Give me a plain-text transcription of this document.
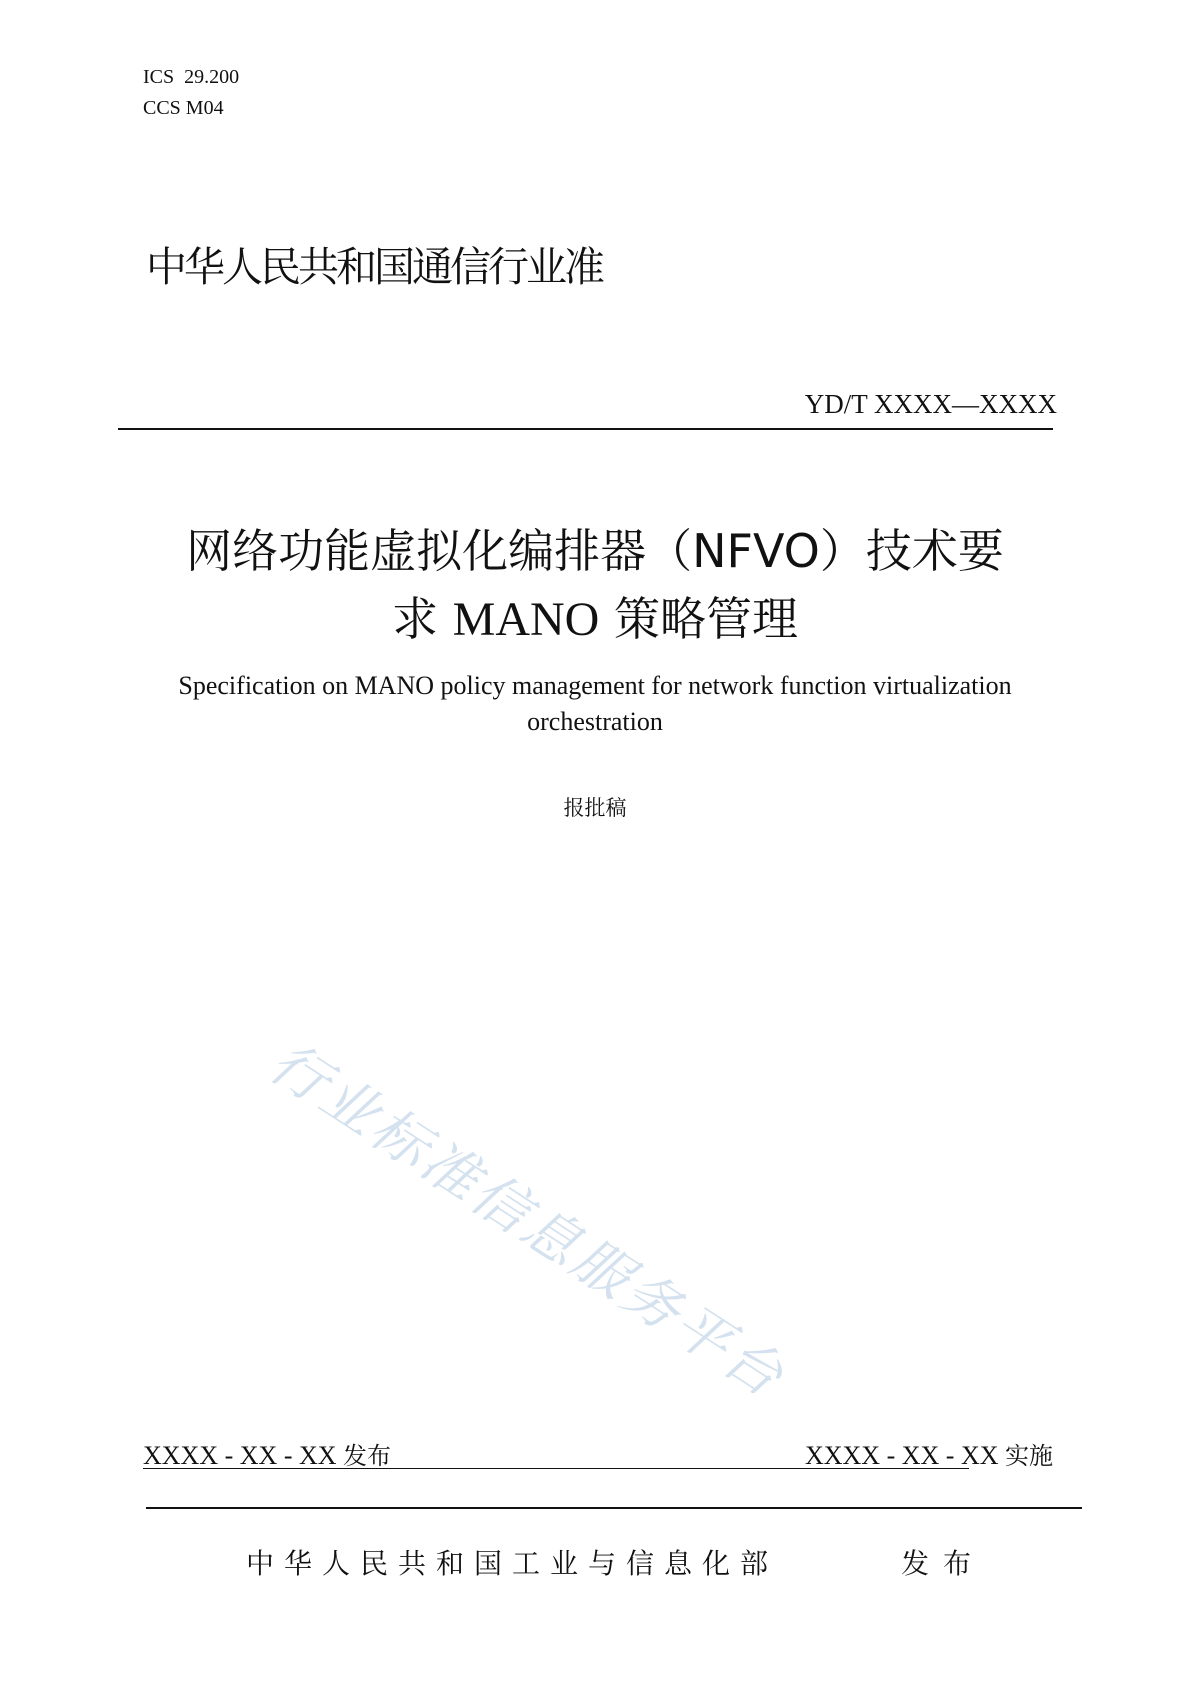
ICS  29.200
CCS M04
中华人民共和国通信行业准
YD/T XXXX—XXXX
网络功能虚拟化编排器（NFVO）技术要
求 MANO 策略管理
Specification on MANO policy management for network function virtualization orchestration
报批稿
行业标准信息服务平台
XXXX - XX - XX 发布	XXXX - XX - XX 实施
中华人民共和国工业与信息化部	发布
